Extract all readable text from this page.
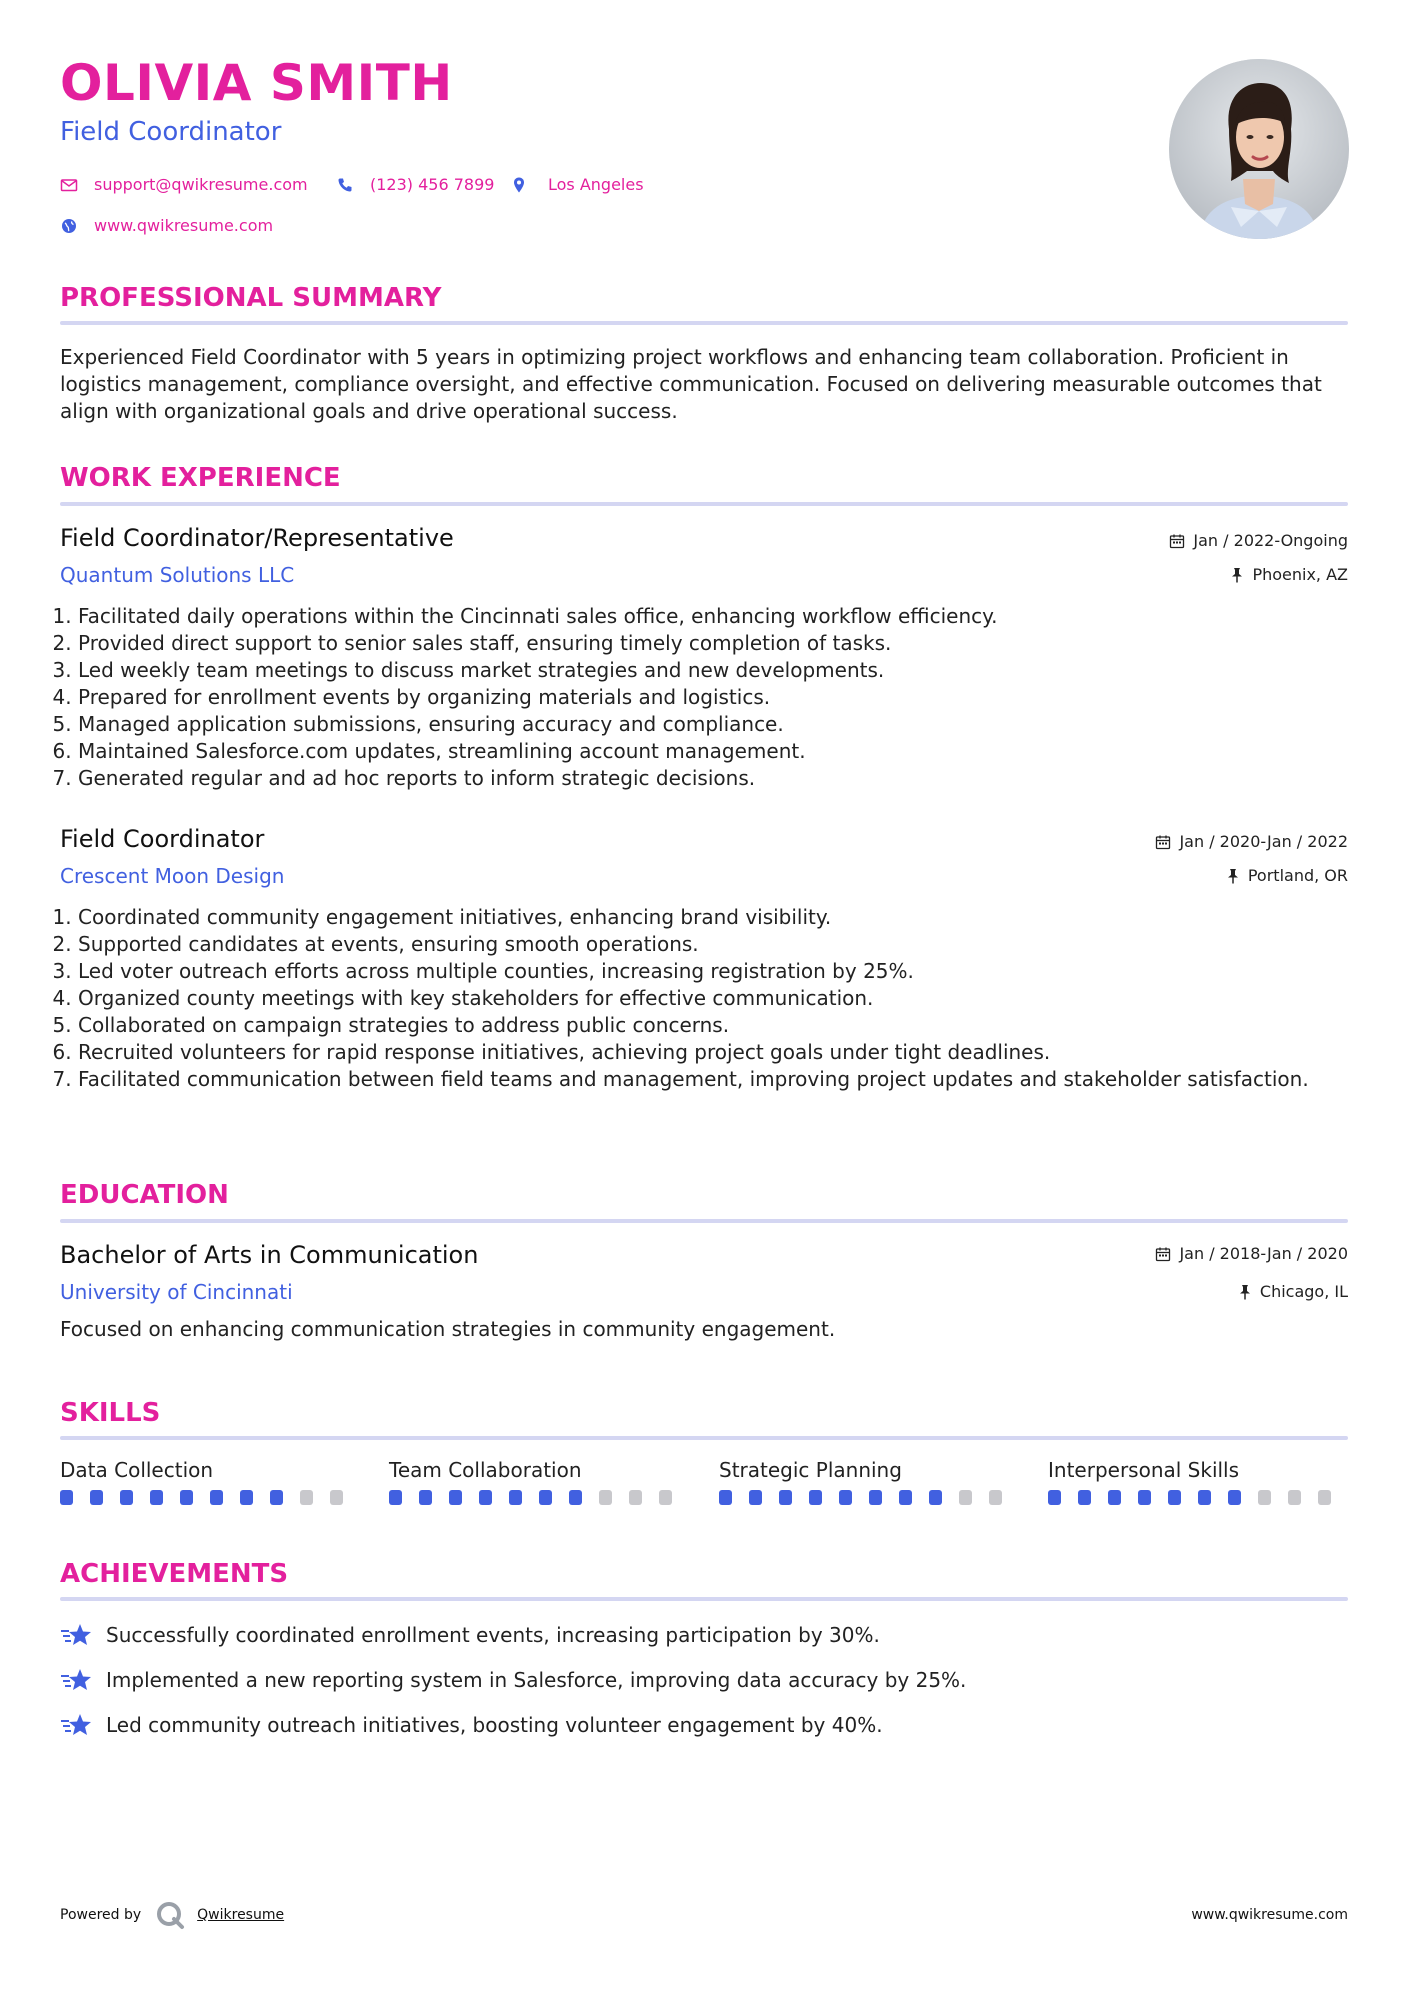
OLIVIA SMITH
Field Coordinator
support@qwikresume.com	(123) 456 7899	Los Angeles
www.qwikresume.com
PROFESSIONAL SUMMARY
Experienced Field Coordinator with 5 years in optimizing project workflows and enhancing team collaboration. Proficient in logistics management, compliance oversight, and effective communication. Focused on delivering measurable outcomes that align with organizational goals and drive operational success.
WORK EXPERIENCE
Field Coordinator/Representative
Quantum Solutions LLC
Jan / 2022-Ongoing
Phoenix, AZ
1. Facilitated daily operations within the Cincinnati sales office, enhancing workflow efficiency.
2. Provided direct support to senior sales staff, ensuring timely completion of tasks.
3. Led weekly team meetings to discuss market strategies and new developments.
4. Prepared for enrollment events by organizing materials and logistics.
5. Managed application submissions, ensuring accuracy and compliance.
6. Maintained Salesforce.com updates, streamlining account management.
7. Generated regular and ad hoc reports to inform strategic decisions.
Field Coordinator
Crescent Moon Design
Jan / 2020-Jan / 2022
Portland, OR
1. Coordinated community engagement initiatives, enhancing brand visibility.
2. Supported candidates at events, ensuring smooth operations.
3. Led voter outreach efforts across multiple counties, increasing registration by 25%.
4. Organized county meetings with key stakeholders for effective communication.
5. Collaborated on campaign strategies to address public concerns.
6. Recruited volunteers for rapid response initiatives, achieving project goals under tight deadlines.
7. Facilitated communication between field teams and management, improving project updates and stakeholder satisfaction.
EDUCATION
Bachelor of Arts in Communication
University of Cincinnati
Jan / 2018-Jan / 2020
Chicago, IL
Focused on enhancing communication strategies in community engagement.
SKILLS
Data Collection	Team Collaboration	Strategic Planning	Interpersonal Skills
ACHIEVEMENTS
Successfully coordinated enrollment events, increasing participation by 30%.
Implemented a new reporting system in Salesforce, improving data accuracy by 25%.
Led community outreach initiatives, boosting volunteer engagement by 40%.
Powered by	Qwikresume	www.qwikresume.com
